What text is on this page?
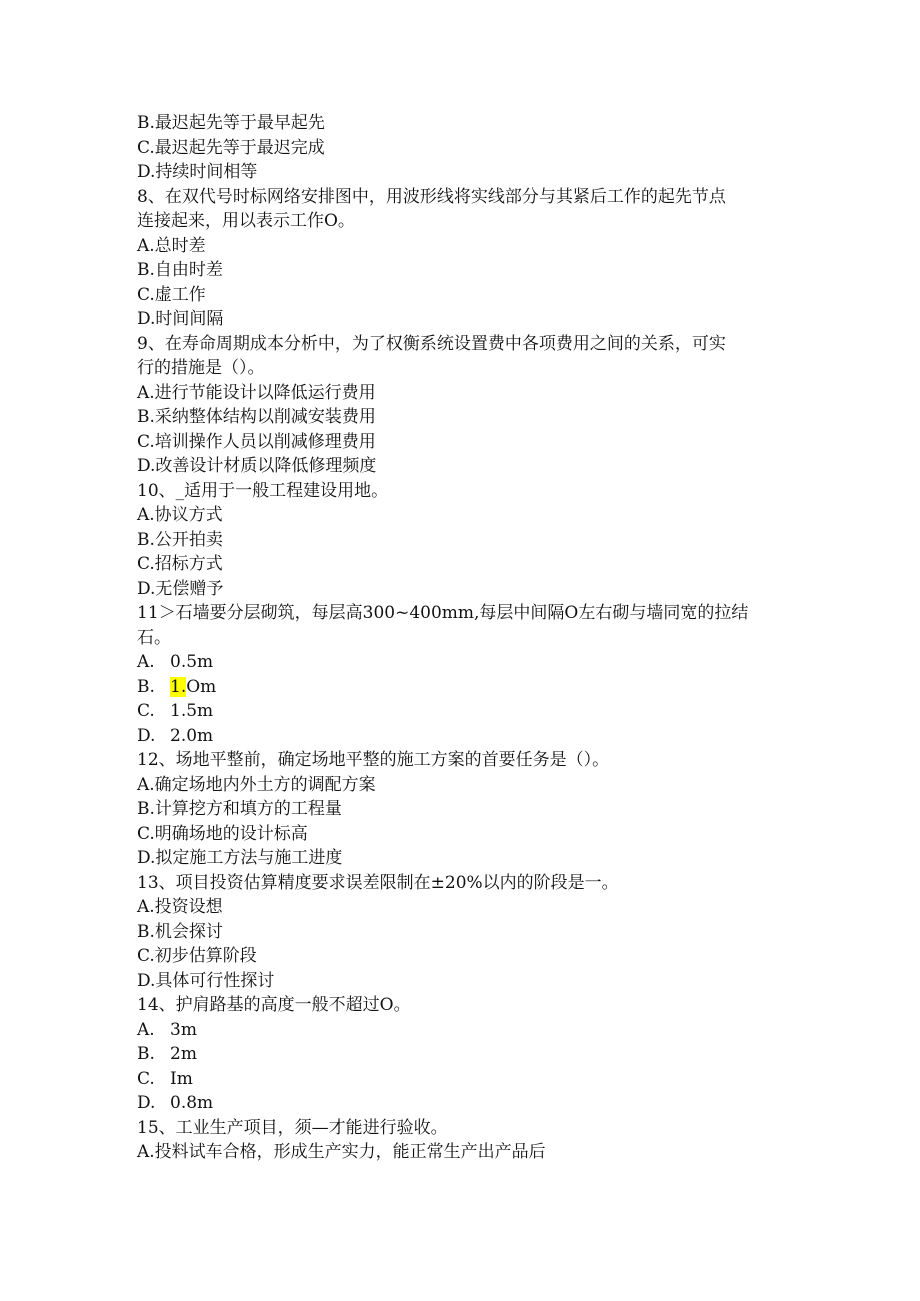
B.最迟起先等于最早起先
C.最迟起先等于最迟完成
D.持续时间相等
8、在双代号时标网络安排图中，用波形线将实线部分与其紧后工作的起先节点
连接起来，用以表示工作O。
A.总时差
B.自由时差
C.虚工作
D.时间间隔
9、在寿命周期成本分析中，为了权衡系统设置费中各项费用之间的关系，可实
行的措施是（）。
A.进行节能设计以降低运行费用
B.采纳整体结构以削减安装费用
C.培训操作人员以削减修理费用
D.改善设计材质以降低修理频度
10、_适用于一般工程建设用地。
A.协议方式
B.公开拍卖
C.招标方式
D.无偿赠予
11＞石墙要分层砌筑，每层高300~400mm,每层中间隔O左右砌与墙同宽的拉结
石。
A. 0.5m
B. 1.Om
C. 1.5m
D. 2.0m
12、场地平整前，确定场地平整的施工方案的首要任务是（）。
A.确定场地内外土方的调配方案
B.计算挖方和填方的工程量
C.明确场地的设计标高
D.拟定施工方法与施工进度
13、项目投资估算精度要求误差限制在±20%以内的阶段是一。
A.投资设想
B.机会探讨
C.初步估算阶段
D.具体可行性探讨
14、护肩路基的高度一般不超过O。
A. 3m
B. 2m
C. Im
D. 0.8m
15、工业生产项目，须—才能进行验收。
A.投料试车合格，形成生产实力，能正常生产出产品后
